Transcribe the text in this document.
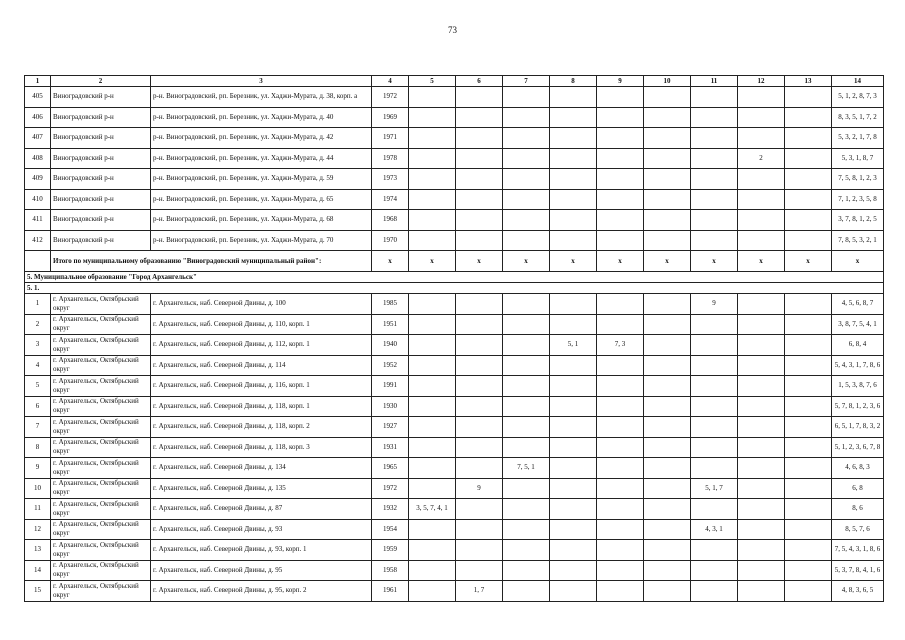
73
1	2	3	4	5	6	7	8	9	10	11	12	13	14
405	Виноградовский р-н	р-н. Виноградовский, рп. Березник, ул. Хаджи-Мурата, д. 38, корп. а	1972										5, 1, 2, 8, 7, 3
406	Виноградовский р-н	р-н. Виноградовский, рп. Березник, ул. Хаджи-Мурата, д. 40	1969										8, 3, 5, 1, 7, 2
407	Виноградовский р-н	р-н. Виноградовский, рп. Березник, ул. Хаджи-Мурата, д. 42	1971										5, 3, 2, 1, 7, 8
408	Виноградовский р-н	р-н. Виноградовский, рп. Березник, ул. Хаджи-Мурата, д. 44	1978								2		5, 3, 1, 8, 7
409	Виноградовский р-н	р-н. Виноградовский, рп. Березник, ул. Хаджи-Мурата, д. 59	1973										7, 5, 8, 1, 2, 3
410	Виноградовский р-н	р-н. Виноградовский, рп. Березник, ул. Хаджи-Мурата, д. 65	1974										7, 1, 2, 3, 5, 8
411	Виноградовский р-н	р-н. Виноградовский, рп. Березник, ул. Хаджи-Мурата, д. 68	1968										3, 7, 8, 1, 2, 5
412	Виноградовский р-н	р-н. Виноградовский, рп. Березник, ул. Хаджи-Мурата, д. 70	1970										7, 8, 5, 3, 2, 1
	Итого по муниципальному образованию "Виноградовский муниципальный район":		х	х	х	х	х	х	х	х	х	х	х
5. Муниципальное образование "Город Архангельск"													
5. 1.													
1	г. Архангельск, Октябрьский округ	г. Архангельск, наб. Северной Двины, д. 100	1985							9			4, 5, 6, 8, 7
2	г. Архангельск, Октябрьский округ	г. Архангельск, наб. Северной Двины, д. 110, корп. 1	1951										3, 8, 7, 5, 4, 1
3	г. Архангельск, Октябрьский округ	г. Архангельск, наб. Северной Двины, д. 112, корп. 1	1940				5, 1	7, 3					6, 8, 4
4	г. Архангельск, Октябрьский округ	г. Архангельск, наб. Северной Двины, д. 114	1952										5, 4, 3, 1, 7, 8, 6
5	г. Архангельск, Октябрьский округ	г. Архангельск, наб. Северной Двины, д. 116, корп. 1	1991										1, 5, 3, 8, 7, 6
6	г. Архангельск, Октябрьский округ	г. Архангельск, наб. Северной Двины, д. 118, корп. 1	1930										5, 7, 8, 1, 2, 3, 6
7	г. Архангельск, Октябрьский округ	г. Архангельск, наб. Северной Двины, д. 118, корп. 2	1927										6, 5, 1, 7, 8, 3, 2
8	г. Архангельск, Октябрьский округ	г. Архангельск, наб. Северной Двины, д. 118, корп. 3	1931										5, 1, 2, 3, 6, 7, 8
9	г. Архангельск, Октябрьский округ	г. Архангельск, наб. Северной Двины, д. 134	1965			7, 5, 1							4, 6, 8, 3
10	г. Архангельск, Октябрьский округ	г. Архангельск, наб. Северной Двины, д. 135	1972		9					5, 1, 7			6, 8
11	г. Архангельск, Октябрьский округ	г. Архангельск, наб. Северной Двины, д. 87	1932	3, 5, 7, 4, 1									8, 6
12	г. Архангельск, Октябрьский округ	г. Архангельск, наб. Северной Двины, д. 93	1954							4, 3, 1			8, 5, 7, 6
13	г. Архангельск, Октябрьский округ	г. Архангельск, наб. Северной Двины, д. 93, корп. 1	1959										7, 5, 4, 3, 1, 8, 6
14	г. Архангельск, Октябрьский округ	г. Архангельск, наб. Северной Двины, д. 95	1958										5, 3, 7, 8, 4, 1, 6
15	г. Архангельск, Октябрьский округ	г. Архангельск, наб. Северной Двины, д. 95, корп. 2	1961		1, 7								4, 8, 3, 6, 5
